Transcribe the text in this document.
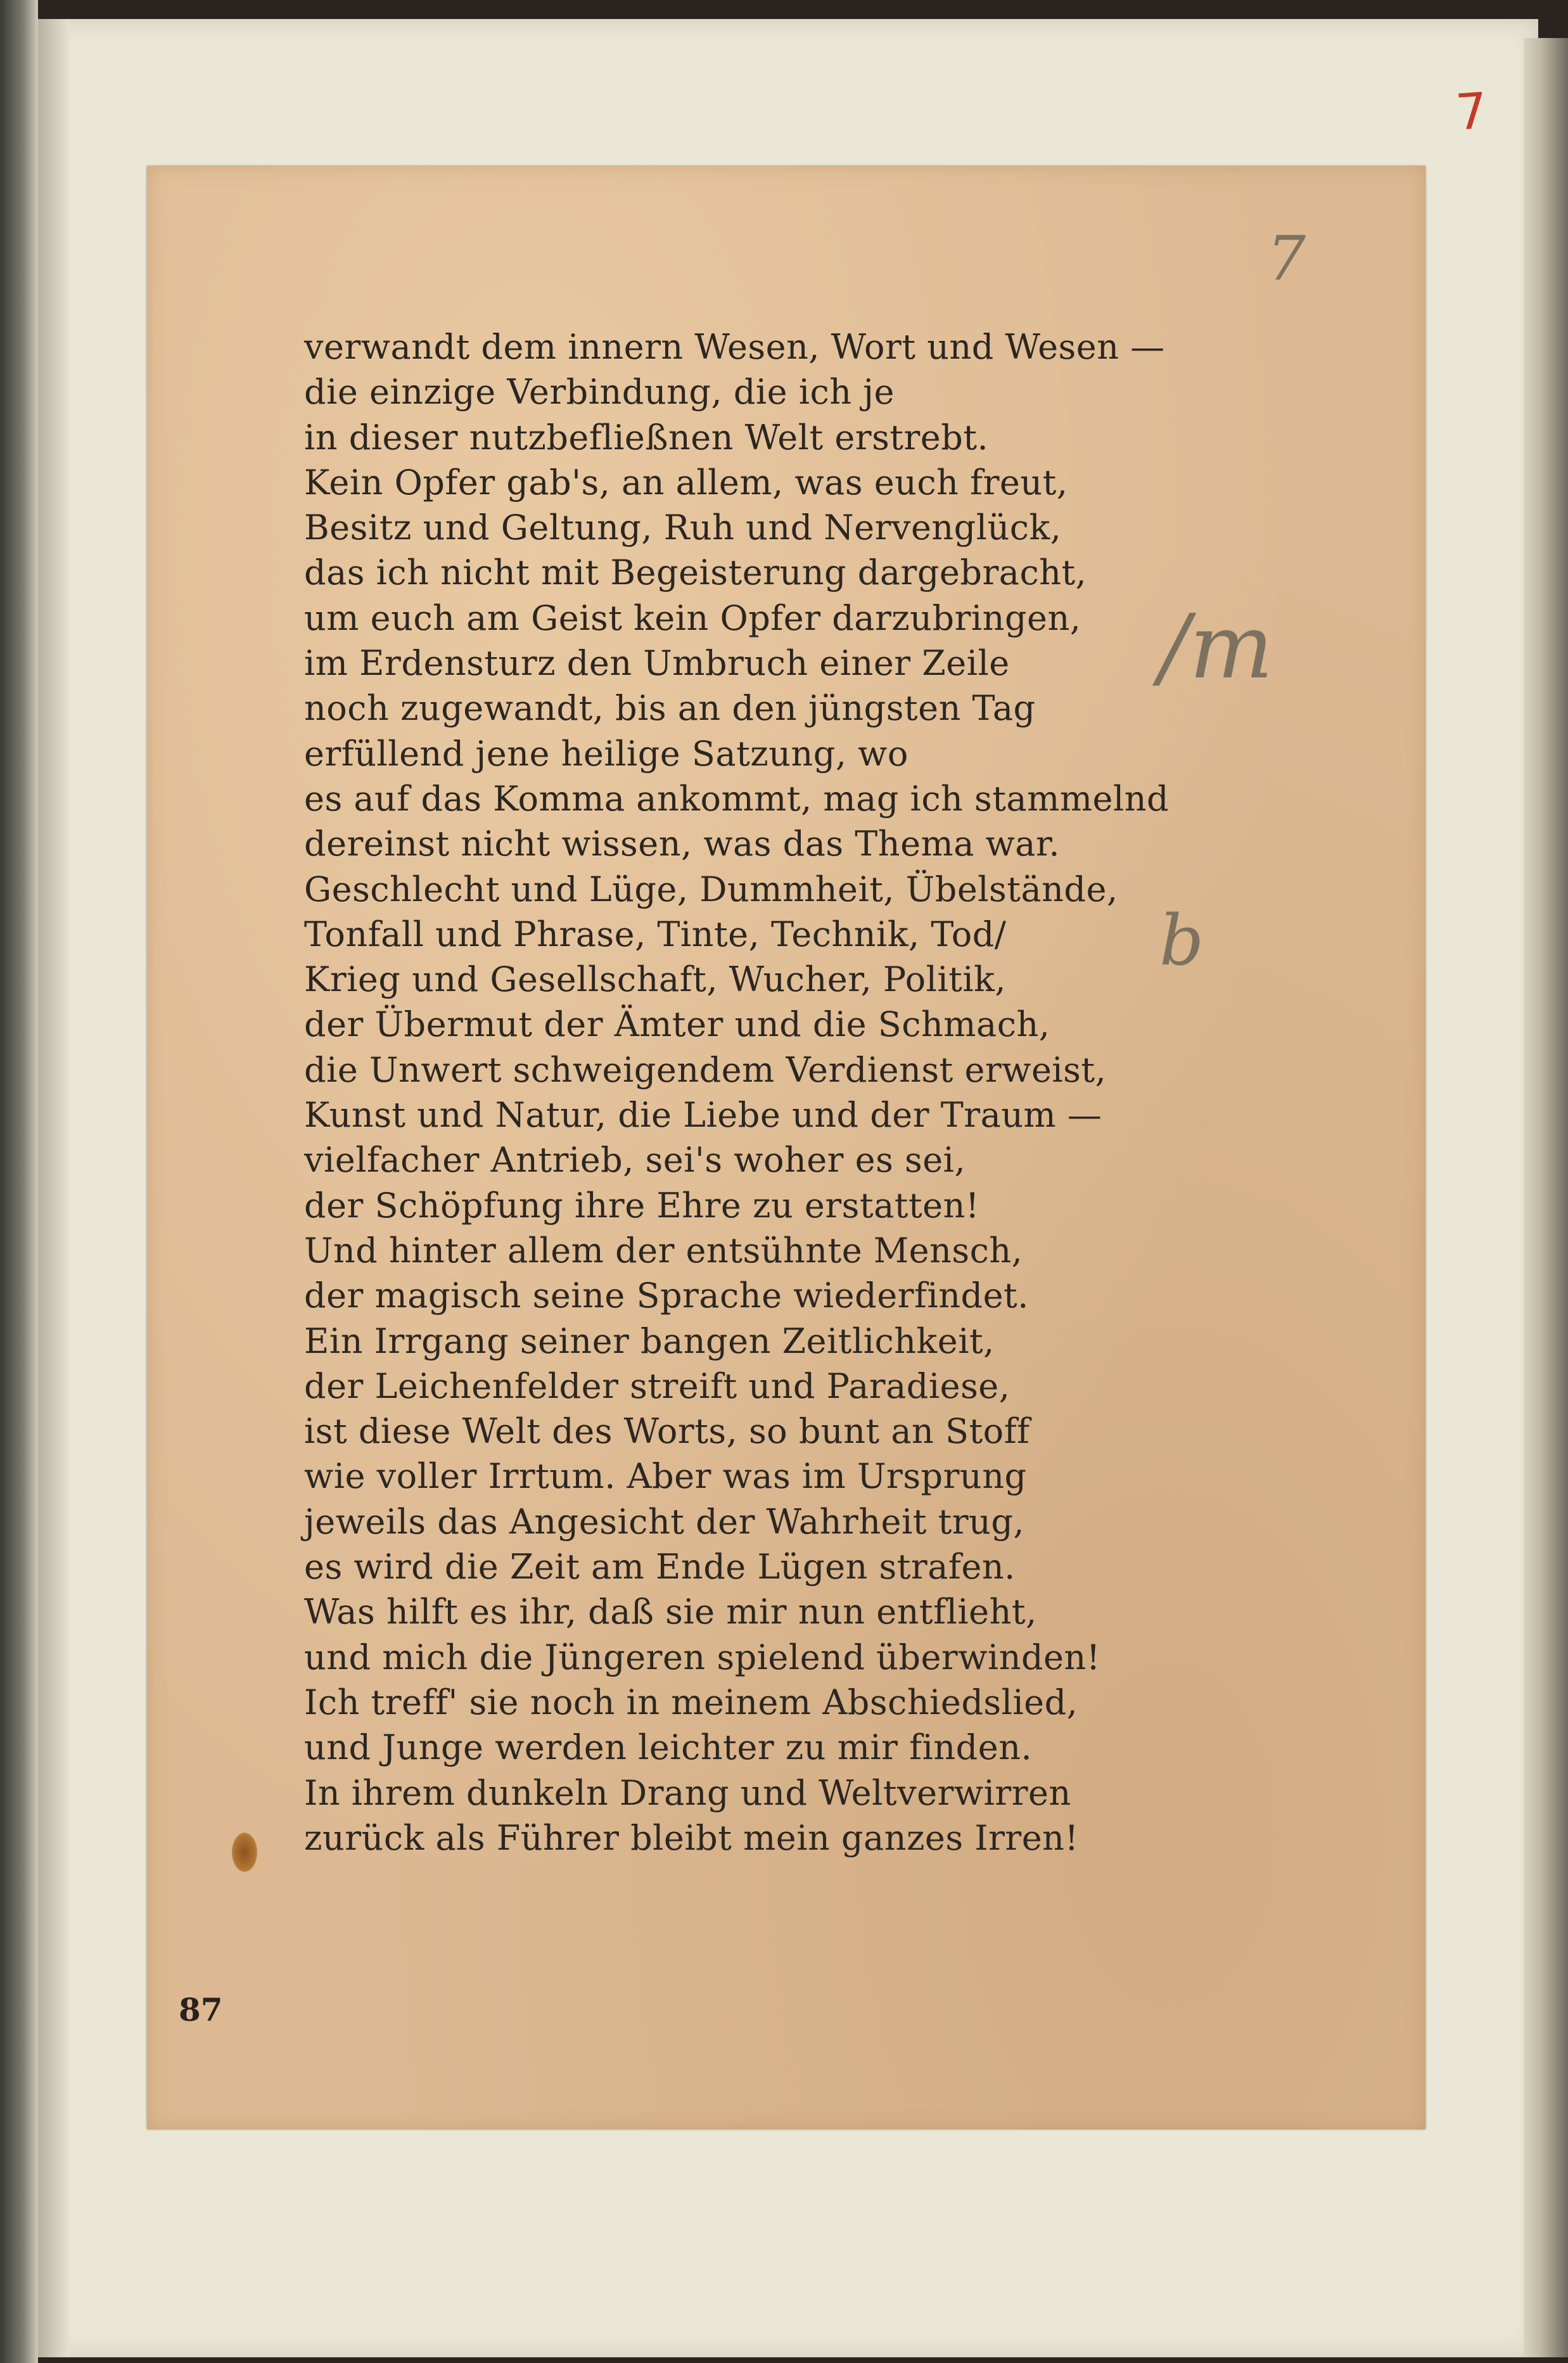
7
7
/m
b
verwandt dem innern Wesen, Wort und Wesen —
die einzige Verbindung, die ich je
in dieser nutzbefließnen Welt erstrebt.
Kein Opfer gab's, an allem, was euch freut,
Besitz und Geltung, Ruh und Nervenglück,
das ich nicht mit Begeisterung dargebracht,
um euch am Geist kein Opfer darzubringen,
im Erdensturz den Umbruch einer Zeile
noch zugewandt, bis an den jüngsten Tag
erfüllend jene heilige Satzung, wo
es auf das Komma ankommt, mag ich stammelnd
dereinst nicht wissen, was das Thema war.
Geschlecht und Lüge, Dummheit, Übelstände,
Tonfall und Phrase, Tinte, Technik, Tod/
Krieg und Gesellschaft, Wucher, Politik,
der Übermut der Ämter und die Schmach,
die Unwert schweigendem Verdienst erweist,
Kunst und Natur, die Liebe und der Traum —
vielfacher Antrieb, sei's woher es sei,
der Schöpfung ihre Ehre zu erstatten!
Und hinter allem der entsühnte Mensch,
der magisch seine Sprache wiederfindet.
Ein Irrgang seiner bangen Zeitlichkeit,
der Leichenfelder streift und Paradiese,
ist diese Welt des Worts, so bunt an Stoff
wie voller Irrtum. Aber was im Ursprung
jeweils das Angesicht der Wahrheit trug,
es wird die Zeit am Ende Lügen strafen.
Was hilft es ihr, daß sie mir nun entflieht,
und mich die Jüngeren spielend überwinden!
Ich treff' sie noch in meinem Abschiedslied,
und Junge werden leichter zu mir finden.
In ihrem dunkeln Drang und Weltverwirren
zurück als Führer bleibt mein ganzes Irren!
87
